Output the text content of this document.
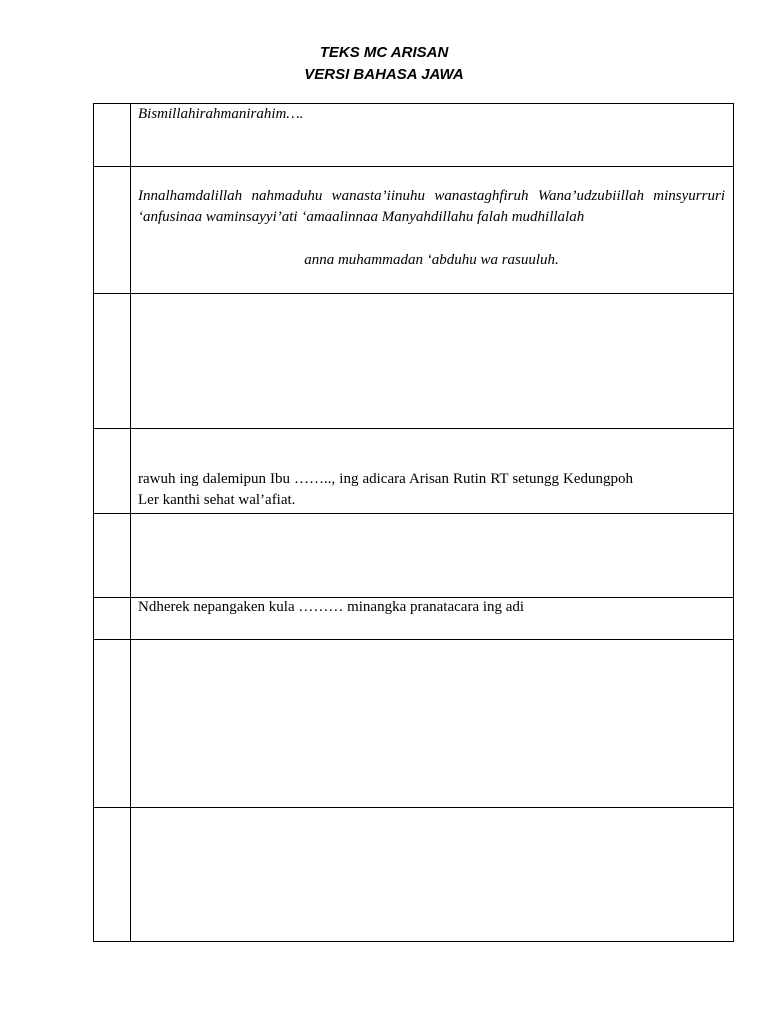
TEKS MC ARISAN
VERSI BAHASA JAWA
Bismillahirahmanirahim….
Innalhamdalillah nahmaduhu wanasta’iinuhu wanastaghfiruh Wana’udzubiillah minsyurruri ‘anfusinaa waminsayyi’ati ‘amaalinnaa Manyahdillahu falah mudhillalah
anna muhammadan ‘abduhu wa rasuuluh.
rawuh ing dalemipun Ibu …….., ing adicara Arisan Rutin RT setungg Kedungpoh Ler kanthi sehat wal’afiat.
Ndherek nepangaken kula ……… minangka pranatacara ing adi
